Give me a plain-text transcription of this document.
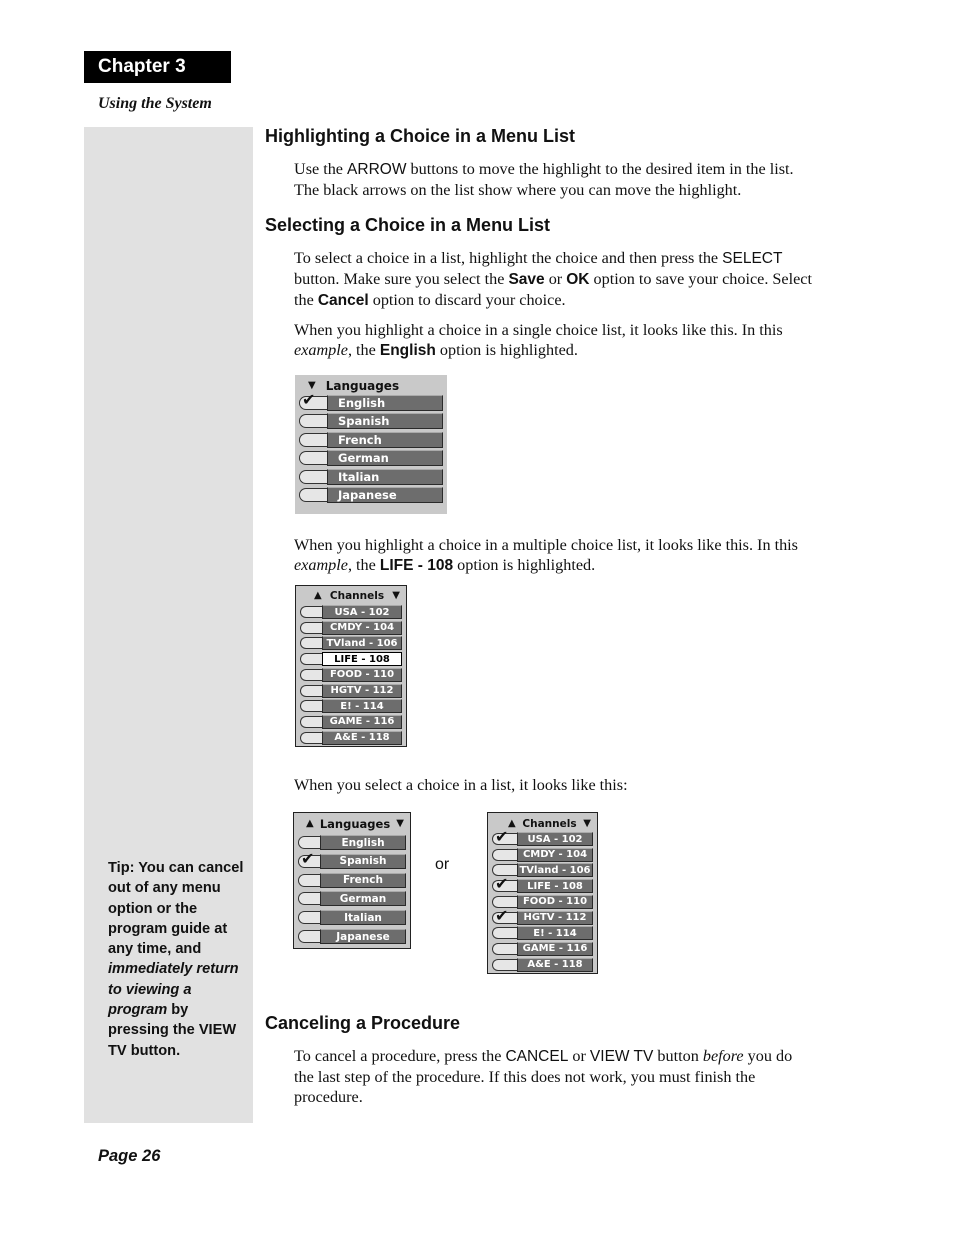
Chapter 3
Using the System
Tip: You can cancel out of any menu option or the program guide at any time, and immediately return to viewing a program by pressing the VIEW TV button.
Highlighting a Choice in a Menu List

Use the ARROW buttons to move the highlight to the desired item in the list. The black arrows on the list show where you can move the highlight.

Selecting a Choice in a Menu List

To select a choice in a list, highlight the choice and then press the SELECT button. Make sure you select the Save or OK option to save your choice. Select the Cancel option to discard your choice.

When you highlight a choice in a single choice list, it looks like this. In this example, the English option is highlighted.

▼ Languages
✔	English
Spanish
French
German
Italian
Japanese

When you highlight a choice in a multiple choice list, it looks like this. In this example, the LIFE - 108 option is highlighted.

▲ Channels ▼
USA - 102
CMDY - 104
TVland - 106
LIFE - 108
FOOD - 110
HGTV - 112
E! - 114
GAME - 116
A&E - 118

When you select a choice in a list, it looks like this:

▲ Languages ▼
English
✔	Spanish
French
German
Italian
Japanese
or
▲ Channels ▼
✔	USA - 102
CMDY - 104
TVland - 106
✔	LIFE - 108
FOOD - 110
✔	HGTV - 112
E! - 114
GAME - 116
A&E - 118
Canceling a Procedure

To cancel a procedure, press the CANCEL or VIEW TV button before you do the last step of the procedure. If this does not work, you must finish the procedure.

Page 26
